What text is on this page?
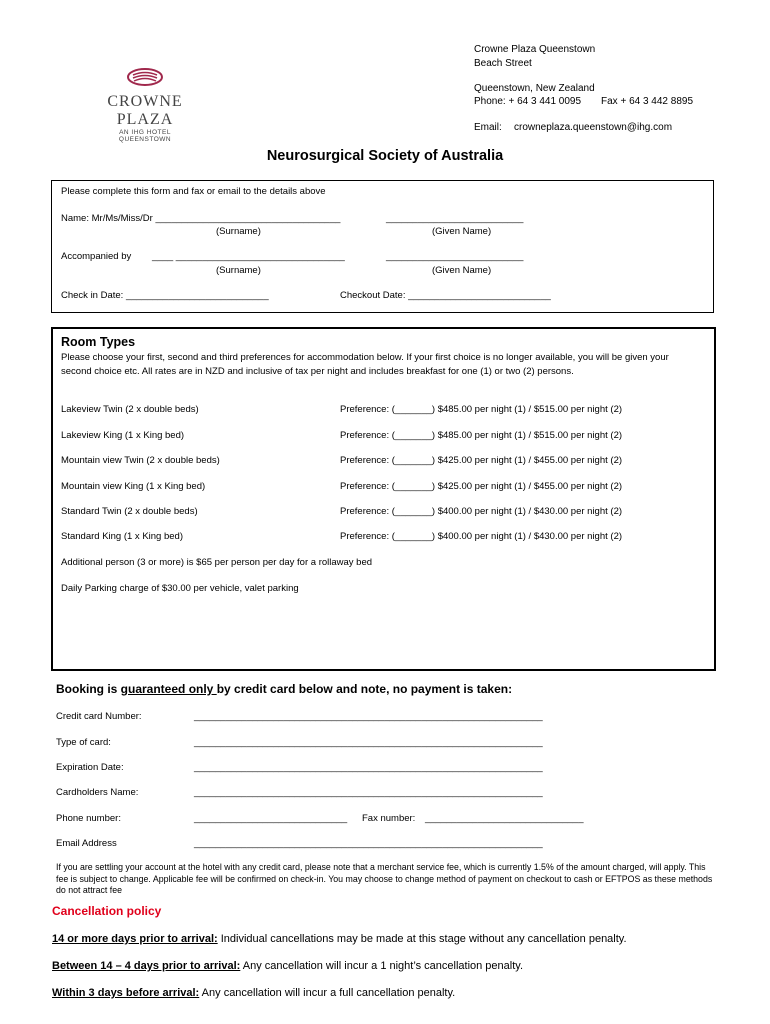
CROWNE PLAZA
AN IHG HOTEL
QUEENSTOWN
Crowne Plaza Queenstown
Beach Street
Queenstown, New Zealand
Phone: + 64 3 441 0095 Fax + 64 3 442 8895
Email: crowneplaza.queenstown@ihg.com
Neurosurgical Society of Australia
Please complete this form and fax or email to the details above
Name: Mr/Ms/Miss/Dr ___________________________________	__________________________
(Surname)	(Given Name)
Accompanied by ____ ________________________________	__________________________
(Surname)	(Given Name)
Check in Date: ___________________________	Checkout Date: ___________________________
Room Types
Please choose your first, second and third preferences for accommodation below. If your first choice is no longer available, you will be given your second choice etc. All rates are in NZD and inclusive of tax per night and includes breakfast for one (1) or two (2) persons.
Lakeview Twin (2 x double beds)	Preference: (_______) $485.00 per night (1) / $515.00 per night (2)
Lakeview King (1 x King bed)	Preference: (_______) $485.00 per night (1) / $515.00 per night (2)
Mountain view Twin (2 x double beds)	Preference: (_______) $425.00 per night (1) / $455.00 per night (2)
Mountain view King (1 x King bed)	Preference: (_______) $425.00 per night (1) / $455.00 per night (2)
Standard Twin (2 x double beds)	Preference: (_______) $400.00 per night (1) / $430.00 per night (2)
Standard King (1 x King bed)	Preference: (_______) $400.00 per night (1) / $430.00 per night (2)
Additional person (3 or more) is $65 per person per day for a rollaway bed
Daily Parking charge of $30.00 per vehicle, valet parking
Booking is guaranteed only by credit card below and note, no payment is taken:
Credit card Number:	__________________________________________________________________
Type of card:	__________________________________________________________________
Expiration Date:	__________________________________________________________________
Cardholders Name:	__________________________________________________________________
Phone number:	_____________________________ Fax number: ______________________________
Email Address	__________________________________________________________________
If you are settling your account at the hotel with any credit card, please note that a merchant service fee, which is currently 1.5% of the amount charged, will apply. This fee is subject to change. Applicable fee will be confirmed on check-in. You may choose to change method of payment on checkout to cash or EFTPOS as these methods do not attract fee
Cancellation policy
14 or more days prior to arrival: Individual cancellations may be made at this stage without any cancellation penalty.
Between 14 – 4 days prior to arrival: Any cancellation will incur a 1 night’s cancellation penalty.
Within 3 days before arrival: Any cancellation will incur a full cancellation penalty.
